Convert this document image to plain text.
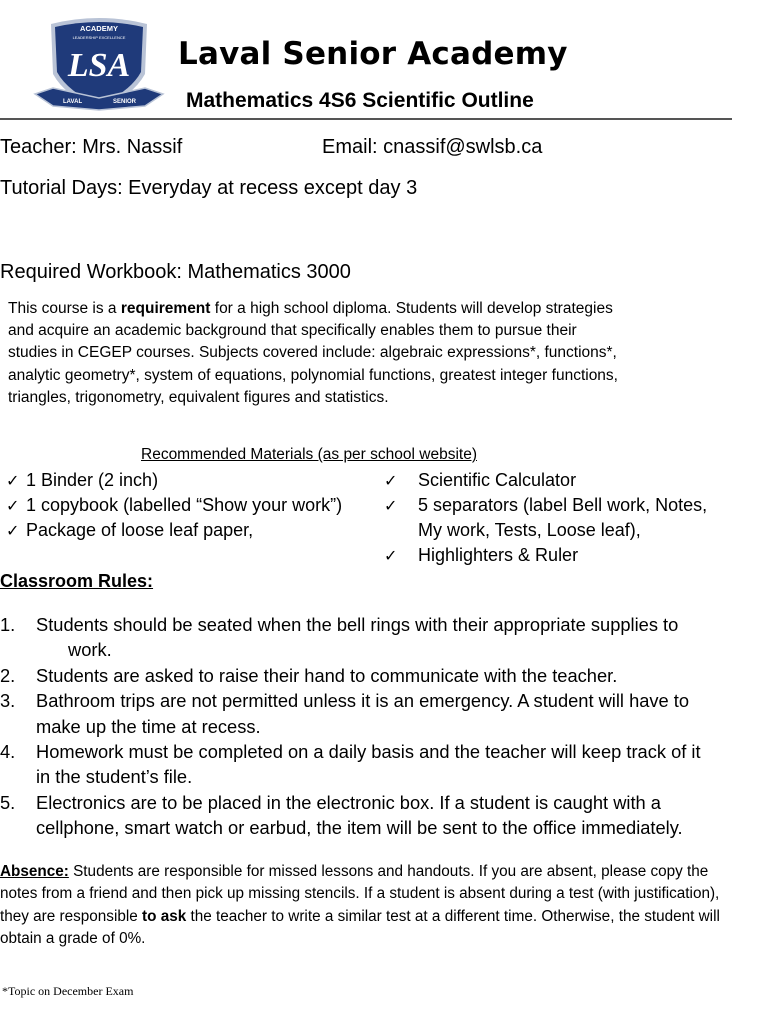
ACADEMY
LEADERSHIP EXCELLENCE
LSA
LAVAL	SENIOR
Laval Senior Academy
Mathematics 4S6 Scientific Outline
Teacher: Mrs. Nassif	Email: cnassif@swlsb.ca
Tutorial Days: Everyday at recess except day 3
Required Workbook: Mathematics 3000
This course is a requirement for a high school diploma. Students will develop strategies and acquire an academic background that specifically enables them to pursue their studies in CEGEP courses. Subjects covered include: algebraic expressions*, functions*, analytic geometry*, system of equations, polynomial functions, greatest integer functions, triangles, trigonometry, equivalent figures and statistics.
Recommended Materials (as per school website)
✓ 1 Binder (2 inch)
✓ 1 copybook (labelled “Show your work”)
✓ Package of loose leaf paper,
✓ Scientific Calculator
✓ 5 separators (label Bell work, Notes,
My work, Tests, Loose leaf),
✓ Highlighters & Ruler
Classroom Rules:
1. Students should be seated when the bell rings with their appropriate supplies to
work.
2. Students are asked to raise their hand to communicate with the teacher.
3. Bathroom trips are not permitted unless it is an emergency. A student will have to
make up the time at recess.
4. Homework must be completed on a daily basis and the teacher will keep track of it
in the student’s file.
5. Electronics are to be placed in the electronic box. If a student is caught with a
cellphone, smart watch or earbud, the item will be sent to the office immediately.
Absence: Students are responsible for missed lessons and handouts. If you are absent, please copy the notes from a friend and then pick up missing stencils. If a student is absent during a test (with justification), they are responsible to ask the teacher to write a similar test at a different time. Otherwise, the student will obtain a grade of 0%.
*Topic on December Exam
